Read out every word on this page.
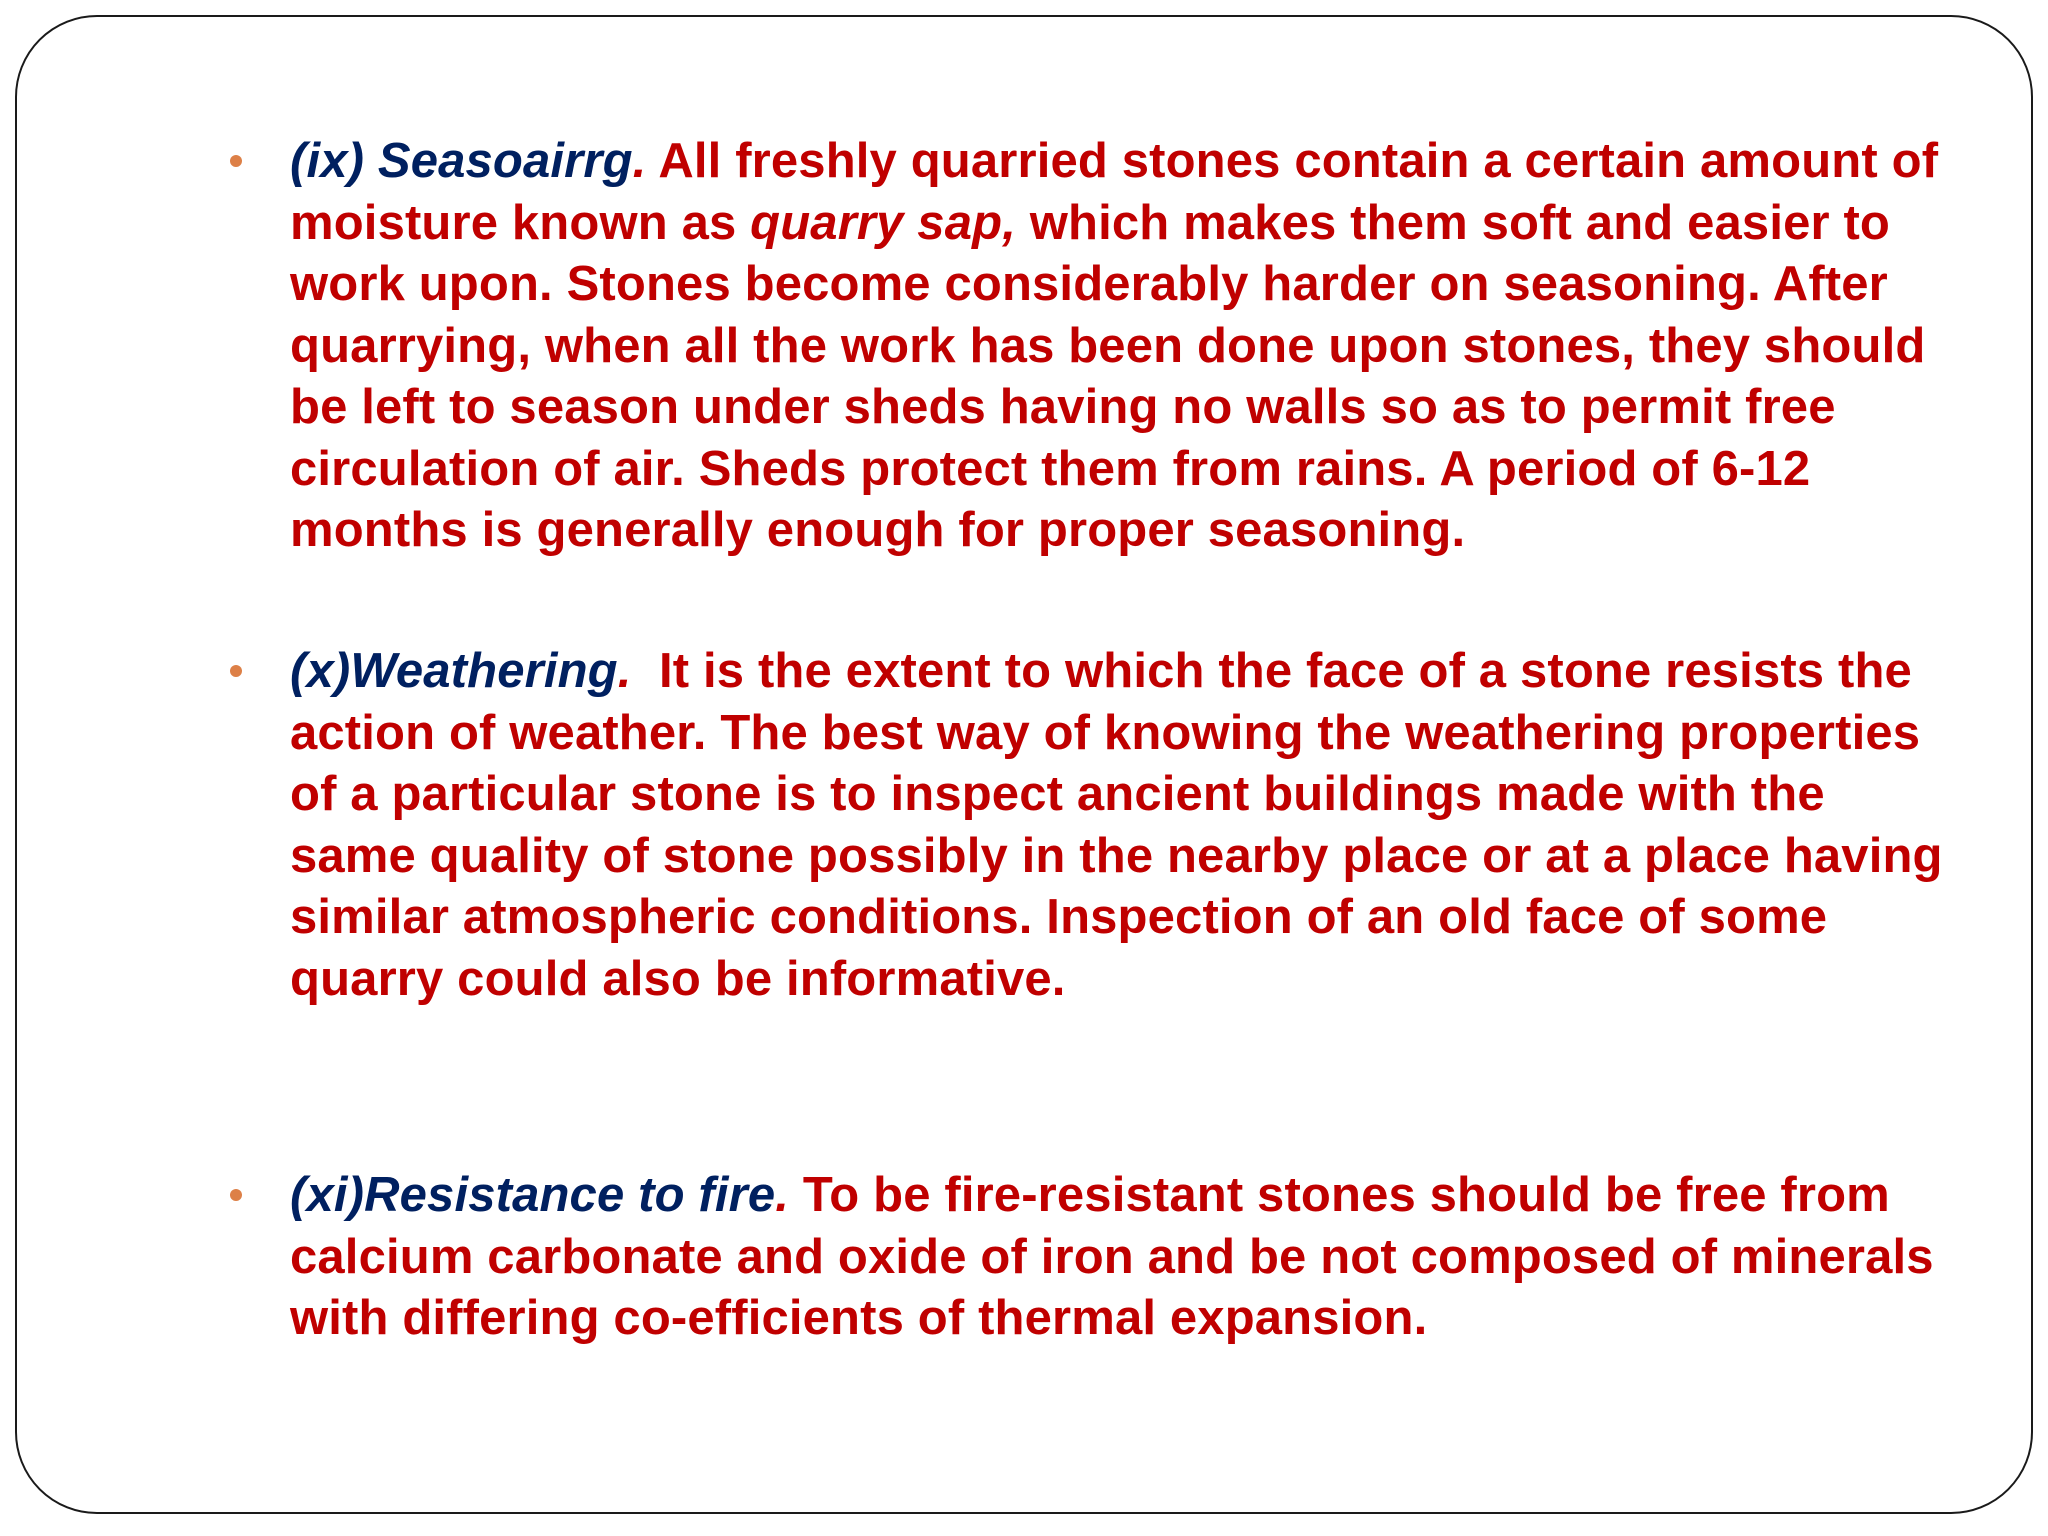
(ix) Seasoairrg. All freshly quarried stones contain a certain amount of moisture known as quarry sap, which makes them soft and easier to work upon. Stones become considerably harder on seasoning. After quarrying, when all the work has been done upon stones, they should be left to season under sheds having no walls so as to permit free circulation of air. Sheds protect them from rains. A period of 6-12 months is generally enough for proper seasoning.

(x)Weathering.  It is the extent to which the face of a stone resists the action of weather. The best way of knowing the weathering properties of a particular stone is to inspect ancient buildings made with the same quality of stone possibly in the nearby place or at a place having similar atmospheric conditions. Inspection of an old face of some quarry could also be informative.

(xi)Resistance to fire. To be fire-resistant stones should be free from calcium carbonate and oxide of iron and be not composed of minerals with differing co-efficients of thermal expansion.
